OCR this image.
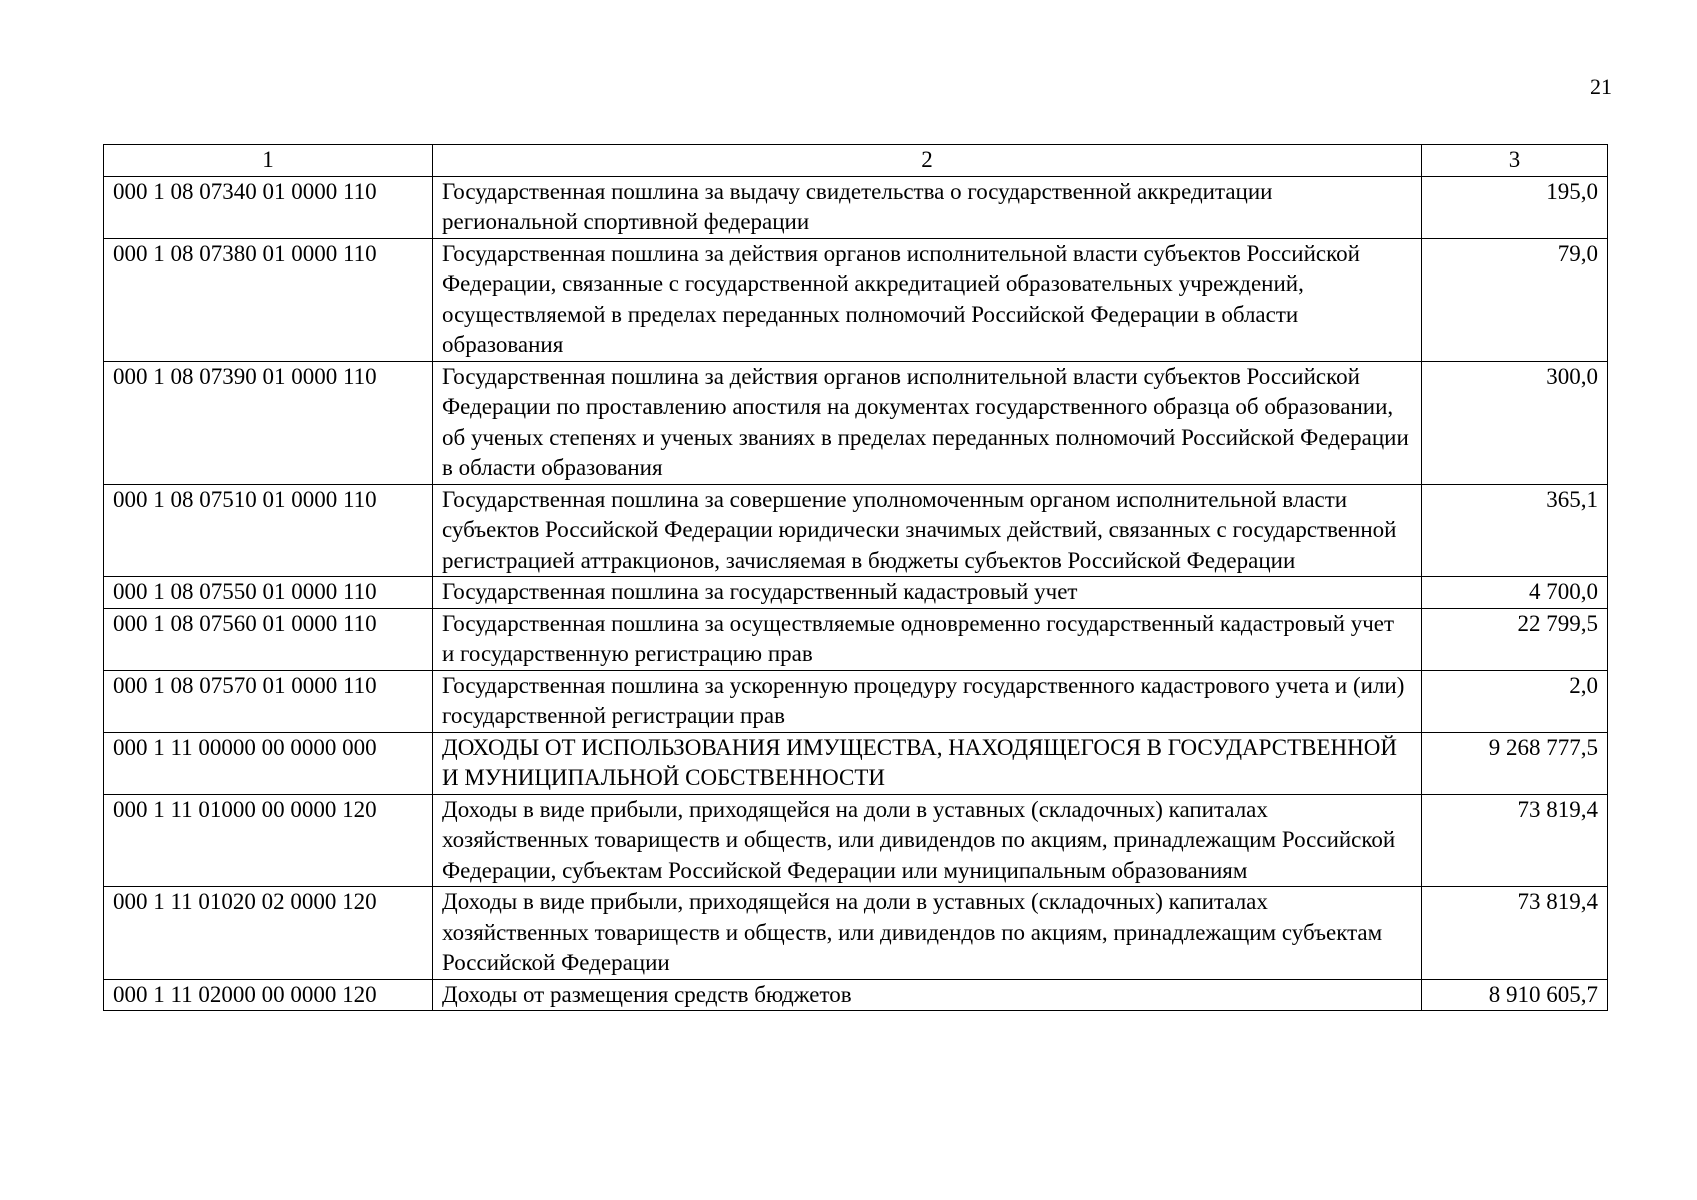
21
1	2	3
000 1 08 07340 01 0000 110	Государственная пошлина за выдачу свидетельства о государственной аккредитации региональной спортивной федерации	195,0
000 1 08 07380 01 0000 110	Государственная пошлина за действия органов исполнительной власти субъектов Российской Федерации, связанные с государственной аккредитацией образовательных учреждений, осуществляемой в пределах переданных полномочий Российской Федерации в области образования	79,0
000 1 08 07390 01 0000 110	Государственная пошлина за действия органов исполнительной власти субъектов Российской Федерации по проставлению апостиля на документах государственного образца об образовании, об ученых степенях и ученых званиях в пределах переданных полномочий Российской Федерации в области образования	300,0
000 1 08 07510 01 0000 110	Государственная пошлина за совершение уполномоченным органом исполнительной власти субъектов Российской Федерации юридически значимых действий, связанных с государственной регистрацией аттракционов, зачисляемая в бюджеты субъектов Российской Федерации	365,1
000 1 08 07550 01 0000 110	Государственная пошлина за государственный кадастровый учет	4 700,0
000 1 08 07560 01 0000 110	Государственная пошлина за осуществляемые одновременно государственный кадастровый учет и государственную регистрацию прав	22 799,5
000 1 08 07570 01 0000 110	Государственная пошлина за ускоренную процедуру государственного кадастрового учета и (или) государственной регистрации прав	2,0
000 1 11 00000 00 0000 000	ДОХОДЫ ОТ ИСПОЛЬЗОВАНИЯ ИМУЩЕСТВА, НАХОДЯЩЕГОСЯ В ГОСУДАРСТВЕННОЙ И МУНИЦИПАЛЬНОЙ СОБСТВЕННОСТИ	9 268 777,5
000 1 11 01000 00 0000 120	Доходы в виде прибыли, приходящейся на доли в уставных (складочных) капиталах хозяйственных товариществ и обществ, или дивидендов по акциям, принадлежащим Российской Федерации, субъектам Российской Федерации или муниципальным образованиям	73 819,4
000 1 11 01020 02 0000 120	Доходы в виде прибыли, приходящейся на доли в уставных (складочных) капиталах хозяйственных товариществ и обществ, или дивидендов по акциям, принадлежащим субъектам Российской Федерации	73 819,4
000 1 11 02000 00 0000 120	Доходы от размещения средств бюджетов	8 910 605,7
